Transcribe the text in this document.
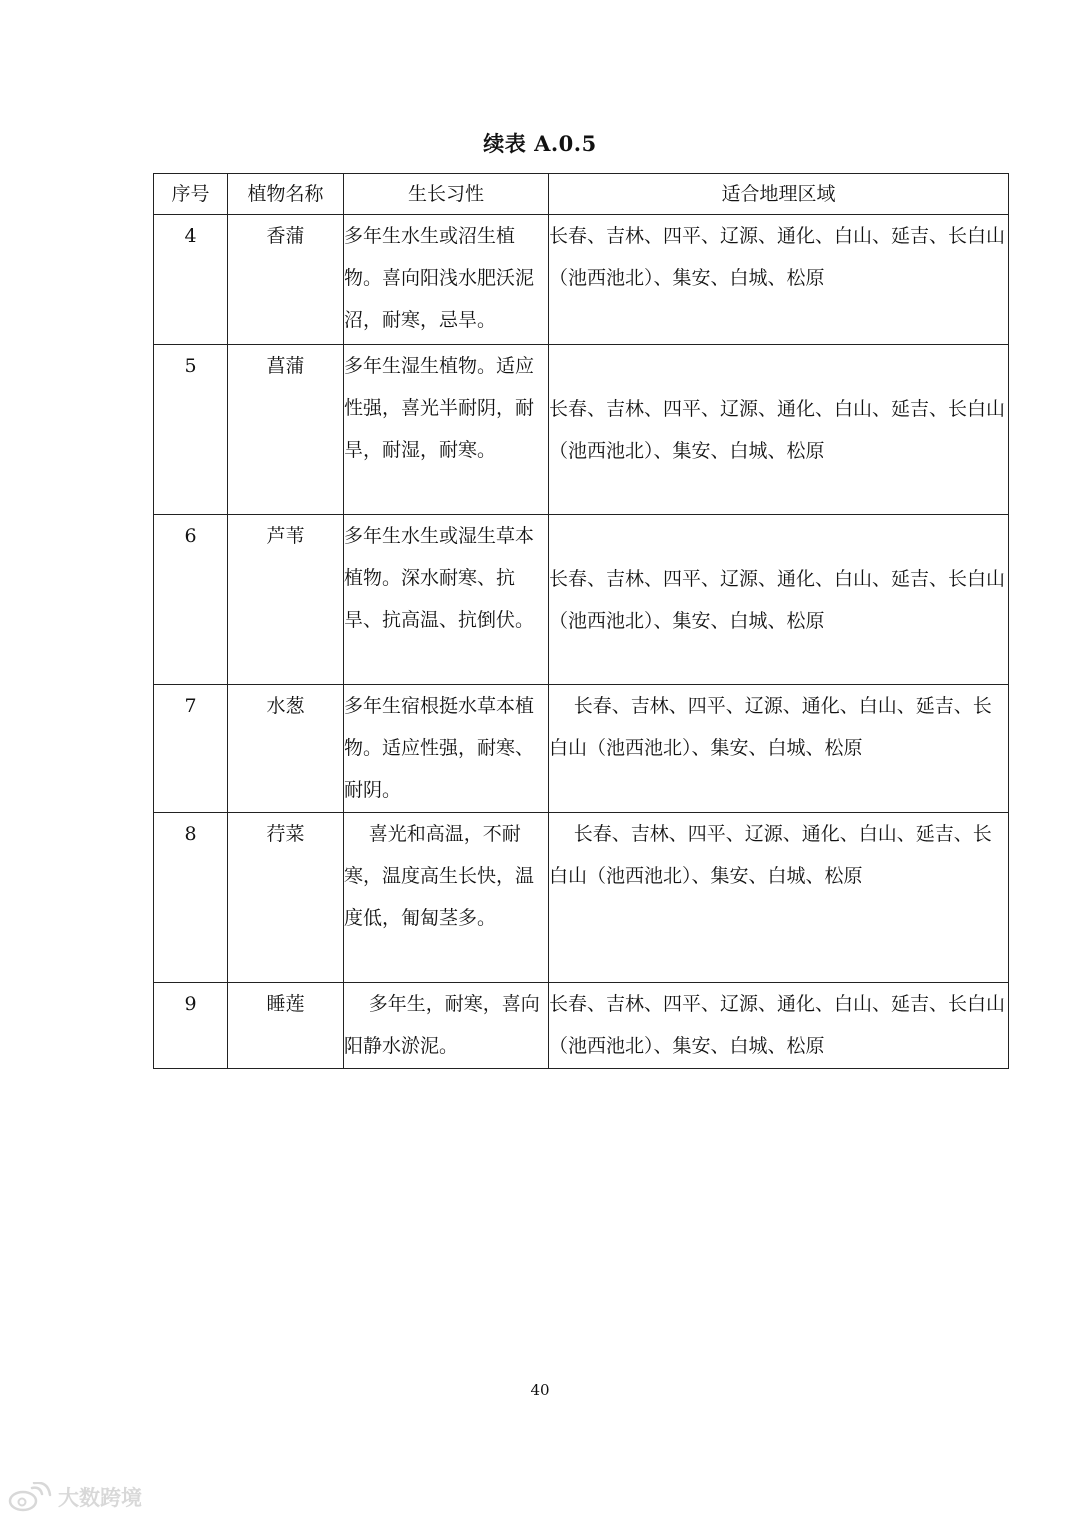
续表 A.0.5
序号	植物名称	生长习性	适合地理区域
4	香蒲	多年生水生或沼生植物。喜向阳浅水肥沃泥沼，耐寒，忌旱。	长春、吉林、四平、辽源、通化、白山、延吉、长白山（池西池北）、集安、白城、松原
5	菖蒲	多年生湿生植物。适应性强，喜光半耐阴，耐旱，耐湿，耐寒。	长春、吉林、四平、辽源、通化、白山、延吉、长白山（池西池北）、集安、白城、松原
6	芦苇	多年生水生或湿生草本植物。深水耐寒、抗旱、抗高温、抗倒伏。	长春、吉林、四平、辽源、通化、白山、延吉、长白山（池西池北）、集安、白城、松原
7	水葱	多年生宿根挺水草本植物。适应性强，耐寒、耐阴。	长春、吉林、四平、辽源、通化、白山、延吉、长白山（池西池北）、集安、白城、松原
8	荇菜	喜光和高温，不耐寒，温度高生长快，温度低，匍匐茎多。	长春、吉林、四平、辽源、通化、白山、延吉、长白山（池西池北）、集安、白城、松原
9	睡莲	多年生，耐寒，喜向阳静水淤泥。	长春、吉林、四平、辽源、通化、白山、延吉、长白山（池西池北）、集安、白城、松原
40
大数跨境
